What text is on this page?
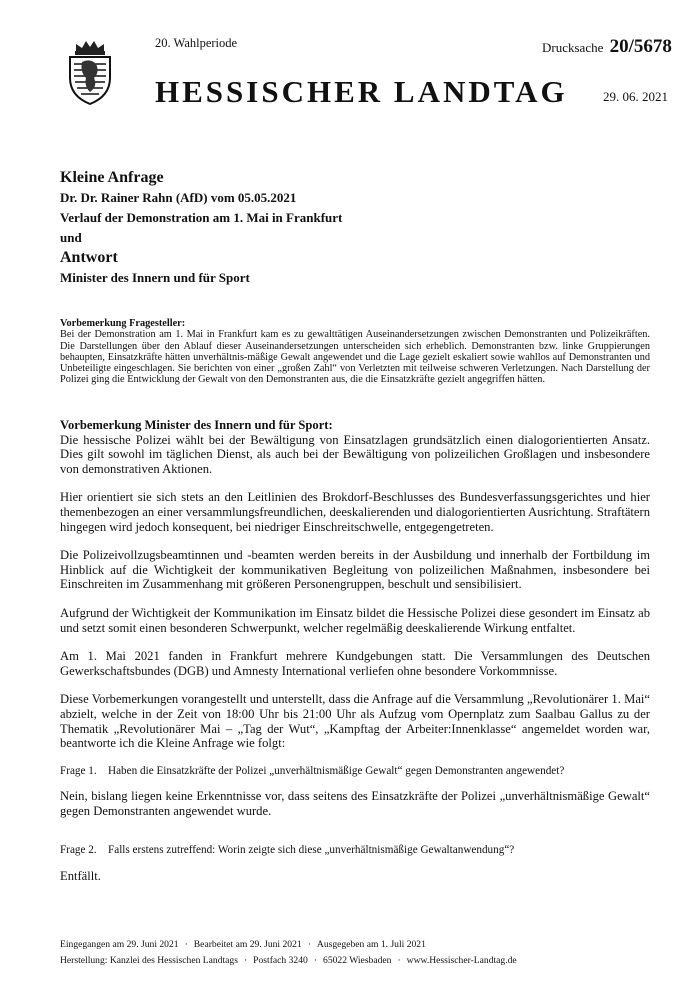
20. Wahlperiode	Drucksache 20/5678
HESSISCHER LANDTAG	29. 06. 2021
Kleine Anfrage
Dr. Dr. Rainer Rahn (AfD) vom 05.05.2021
Verlauf der Demonstration am 1. Mai in Frankfurt
und
Antwort
Minister des Innern und für Sport
Vorbemerkung Fragesteller:
Bei der Demonstration am 1. Mai in Frankfurt kam es zu gewalttätigen Auseinandersetzungen zwischen Demonstranten und Polizeikräften. Die Darstellungen über den Ablauf dieser Auseinandersetzungen unterscheiden sich erheblich. Demonstranten bzw. linke Gruppierungen behaupten, Einsatzkräfte hätten unverhältnis-mäßige Gewalt angewendet und die Lage gezielt eskaliert sowie wahllos auf Demonstranten und Unbeteiligte eingeschlagen. Sie berichten von einer „großen Zahl“ von Verletzten mit teilweise schweren Verletzungen. Nach Darstellung der Polizei ging die Entwicklung der Gewalt von den Demonstranten aus, die die Einsatzkräfte gezielt angegriffen hätten.
Vorbemerkung Minister des Innern und für Sport:

Die hessische Polizei wählt bei der Bewältigung von Einsatzlagen grundsätzlich einen dialogorientierten Ansatz. Dies gilt sowohl im täglichen Dienst, als auch bei der Bewältigung von polizeilichen Großlagen und insbesondere von demonstrativen Aktionen.

Hier orientiert sie sich stets an den Leitlinien des Brokdorf-Beschlusses des Bundesverfassungsgerichtes und hier themenbezogen an einer versammlungsfreundlichen, deeskalierenden und dialogorientierten Ausrichtung. Straftätern hingegen wird jedoch konsequent, bei niedriger Einschreitschwelle, entgegengetreten.

Die Polizeivollzugsbeamtinnen und -beamten werden bereits in der Ausbildung und innerhalb der Fortbildung im Hinblick auf die Wichtigkeit der kommunikativen Begleitung von polizeilichen Maßnahmen, insbesondere bei Einschreiten im Zusammenhang mit größeren Personengruppen, beschult und sensibilisiert.

Aufgrund der Wichtigkeit der Kommunikation im Einsatz bildet die Hessische Polizei diese gesondert im Einsatz ab und setzt somit einen besonderen Schwerpunkt, welcher regelmäßig deeskalierende Wirkung entfaltet.

Am 1. Mai 2021 fanden in Frankfurt mehrere Kundgebungen statt. Die Versammlungen des Deutschen Gewerkschaftsbundes (DGB) und Amnesty International verliefen ohne besondere Vorkommnisse.

Diese Vorbemerkungen vorangestellt und unterstellt, dass die Anfrage auf die Versammlung „Revolutionärer 1. Mai“ abzielt, welche in der Zeit von 18:00 Uhr bis 21:00 Uhr als Aufzug vom Opernplatz zum Saalbau Gallus zu der Thematik „Revolutionärer Mai – „Tag der Wut“, „Kampftag der Arbeiter:Innenklasse“ angemeldet worden war, beantworte ich die Kleine Anfrage wie folgt:

Frage 1.	Haben die Einsatzkräfte der Polizei „unverhältnismäßige Gewalt“ gegen Demonstranten angewendet?

Nein, bislang liegen keine Erkenntnisse vor, dass seitens des Einsatzkräfte der Polizei „unverhältnismäßige Gewalt“ gegen Demonstranten angewendet wurde.

Frage 2.	Falls erstens zutreffend: Worin zeigte sich diese „unverhältnismäßige Gewaltanwendung“?

Entfällt.

Eingegangen am 29. Juni 2021 · Bearbeitet am 29. Juni 2021 · Ausgegeben am 1. Juli 2021
Herstellung: Kanzlei des Hessischen Landtags · Postfach 3240 · 65022 Wiesbaden · www.Hessischer-Landtag.de
